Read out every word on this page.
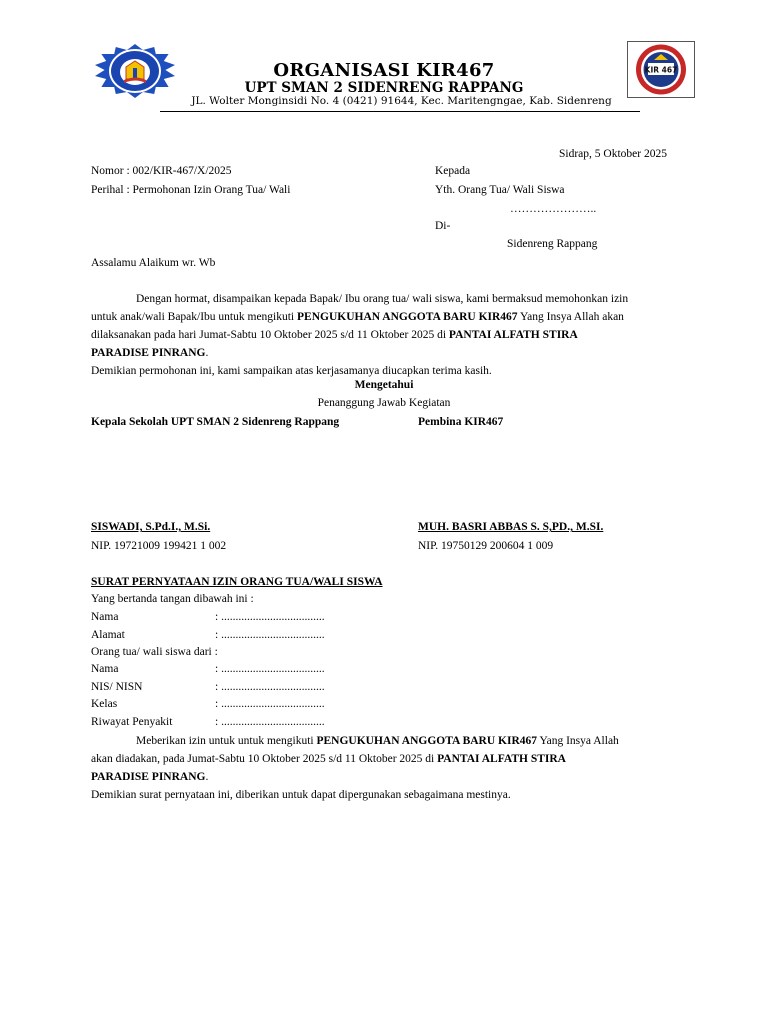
ORGANISASI KIR467
UPT SMAN 2 SIDENRENG RAPPANG
JL. Wolter Monginsidi No. 4 (0421) 91644, Kec. Maritengngae, Kab. Sidenreng
KIR 467
Sidrap, 5 Oktober 2025
Nomor : 002/KIR-467/X/2025
Perihal : Permohonan Izin Orang Tua/ Wali
Kepada
Yth. Orang Tua/ Wali Siswa
…………………..
Di-
Sidenreng Rappang
Assalamu Alaikum wr. Wb
Dengan hormat, disampaikan kepada Bapak/ Ibu orang tua/ wali siswa, kami bermaksud memohonkan izin
untuk anak/wali Bapak/Ibu untuk mengikuti PENGUKUHAN ANGGOTA BARU KIR467 Yang Insya Allah akan
dilaksanakan pada hari Jumat-Sabtu 10 Oktober 2025 s/d 11 Oktober 2025 di PANTAI ALFATH STIRA
PARADISE PINRANG.
Demikian permohonan ini, kami sampaikan atas kerjasamanya diucapkan terima kasih.
Mengetahui
Penanggung Jawab Kegiatan
Kepala Sekolah UPT SMAN 2 Sidenreng Rappang	Pembina KIR467
SISWADI, S.Pd.I., M.Si.	MUH. BASRI ABBAS S. S,PD., M.SI.
NIP. 19721009 199421 1 002	NIP. 19750129 200604 1 009
SURAT PERNYATAAN IZIN ORANG TUA/WALI SISWA
Yang bertanda tangan dibawah ini :
Nama	: ....................................
Alamat	: ....................................
Orang tua/ wali siswa dari :
Nama	: ....................................
NIS/ NISN	: ....................................
Kelas	: ....................................
Riwayat Penyakit	: ....................................
Meberikan izin untuk untuk mengikuti PENGUKUHAN ANGGOTA BARU KIR467 Yang Insya Allah
akan diadakan, pada Jumat-Sabtu 10 Oktober 2025 s/d 11 Oktober 2025 di PANTAI ALFATH STIRA
PARADISE PINRANG.
Demikian surat pernyataan ini, diberikan untuk dapat dipergunakan sebagaimana mestinya.
